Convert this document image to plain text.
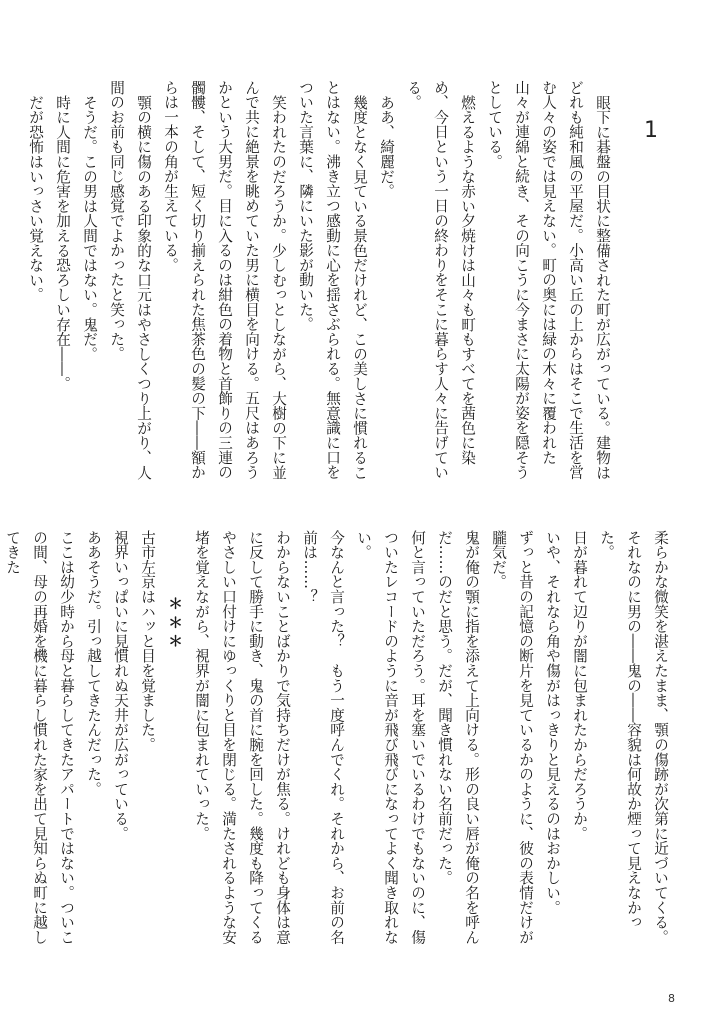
1

眼下に碁盤の目状に整備された町が広がっている。建物はどれも純和風の平屋だ。小高い丘の上からはそこで生活を営む人々の姿では見えない。町の奥には緑の木々に覆われた山々が連綿と続き、その向こうに今まさに太陽が姿を隠そうとしている。

燃えるような赤い夕焼けは山々も町もすべてを茜色に染め、今日という一日の終わりをそこに暮らす人々に告げている。

ああ、綺麗だ。

幾度となく見ている景色だけれど、この美しさに慣れることはない。沸き立つ感動に心を揺さぶられる。無意識に口をついた言葉に、隣にいた影が動いた。

笑われたのだろうか。少しむっとしながら、大樹の下に並んで共に絶景を眺めていた男に横目を向ける。五尺はあろうかという大男だ。目に入るのは紺色の着物と首飾りの三連の髑髏、そして、短く切り揃えられた焦茶色の髪の下――額からは一本の角が生えている。

顎の横に傷のある印象的な口元はやさしくつり上がり、人間のお前も同じ感覚でよかったと笑った。

そうだ。この男は人間ではない。鬼だ。

時に人間に危害を加える恐ろしい存在――。

だが恐怖はいっさい覚えない。

柔らかな微笑を湛えたまま、顎の傷跡が次第に近づいてくる。それなのに男の――鬼の――容貌は何故か煙って見えなかった。

日が暮れて辺りが闇に包まれたからだろうか。

いや、それなら角や傷がはっきりと見えるのはおかしい。

ずっと昔の記憶の断片を見ているかのように、彼の表情だけが朧気だ。

鬼が俺の顎に指を添えて上向ける。形の良い唇が俺の名を呼んだ……のだと思う。だが、聞き慣れない名前だった。

何と言っていただろう。耳を塞いでいるわけでもないのに、傷ついたレコードのように音が飛び飛びになってよく聞き取れない。

今なんと言った？　もう一度呼んでくれ。それから、お前の名前は……？

わからないことばかりで気持ちだけが焦る。けれども身体は意に反して勝手に動き、鬼の首に腕を回した。幾度も降ってくるやさしい口付けにゆっくりと目を閉じる。満たされるような安堵を覚えながら、視界が闇に包まれていった。

＊＊＊

古市左京はハッと目を覚ました。

視界いっぱいに見慣れぬ天井が広がっている。

ああそうだ。引っ越してきたんだった。

ここは幼少時から母と暮らしてきたアパートではない。ついこの間、母の再婚を機に暮らし慣れた家を出て見知らぬ町に越してきた

8
